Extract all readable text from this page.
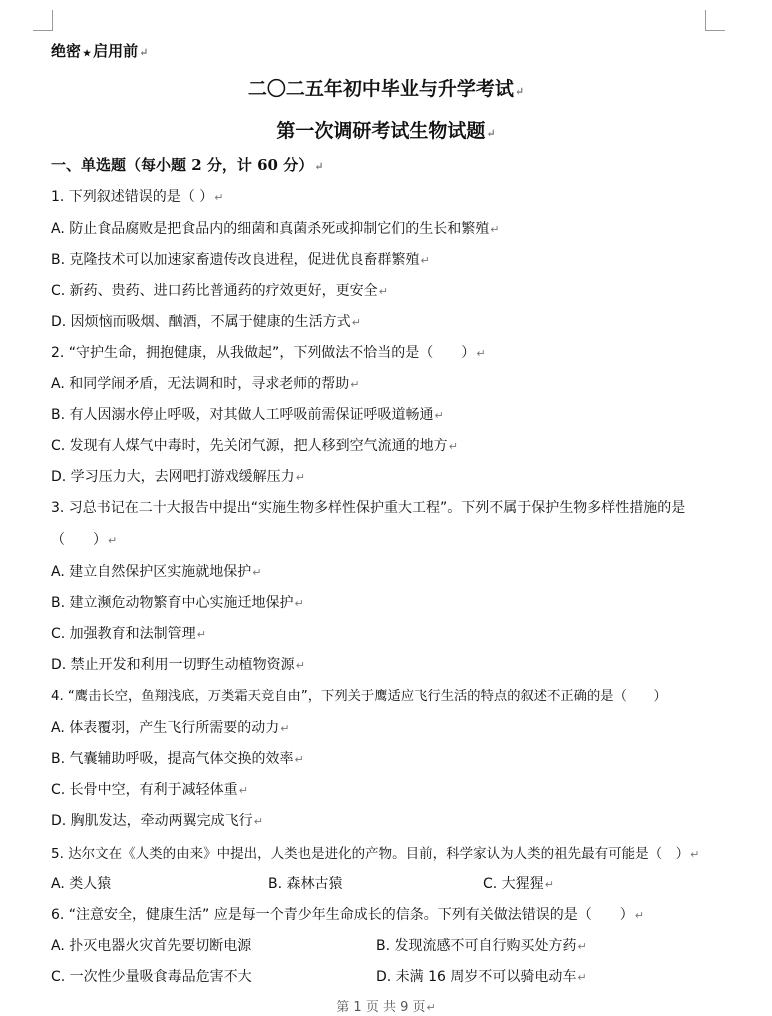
绝密 ★ 启用前↵
二〇二五年初中毕业与升学考试↵
第一次调研考试生物试题↵
一、单选题（每小题 2 分，计 60 分）↵
1. 下列叙述错误的是（ ）↵
A. 防止食品腐败是把食品内的细菌和真菌杀死或抑制它们的生长和繁殖↵
B. 克隆技术可以加速家畜遗传改良进程，促进优良畜群繁殖↵
C. 新药、贵药、进口药比普通药的疗效更好，更安全↵
D. 因烦恼而吸烟、酗酒，不属于健康的生活方式↵
2. “守护生命，拥抱健康，从我做起”，下列做法不恰当的是（　　）↵
A. 和同学闹矛盾，无法调和时，寻求老师的帮助↵
B. 有人因溺水停止呼吸，对其做人工呼吸前需保证呼吸道畅通↵
C. 发现有人煤气中毒时，先关闭气源，把人移到空气流通的地方↵
D. 学习压力大，去网吧打游戏缓解压力↵
3. 习总书记在二十大报告中提出“实施生物多样性保护重大工程”。下列不属于保护生物多样性措施的是
（　　）↵
A. 建立自然保护区实施就地保护↵
B. 建立濒危动物繁育中心实施迁地保护↵
C. 加强教育和法制管理↵
D. 禁止开发和利用一切野生动植物资源↵
4. “鹰击长空，鱼翔浅底，万类霜天竞自由”，下列关于鹰适应飞行生活的特点的叙述不正确的是（　　）
A. 体表覆羽，产生飞行所需要的动力↵
B. 气囊辅助呼吸，提高气体交换的效率↵
C. 长骨中空，有利于减轻体重↵
D. 胸肌发达，牵动两翼完成飞行↵
5. 达尔文在《人类的由来》中提出，人类也是进化的产物。目前，科学家认为人类的祖先最有可能是（　）↵
A. 类人猿	B. 森林古猿	C. 大猩猩↵
6. “注意安全，健康生活” 应是每一个青少年生命成长的信条。下列有关做法错误的是（　　）↵
A. 扑灭电器火灾首先要切断电源	B. 发现流感不可自行购买处方药↵
C. 一次性少量吸食毒品危害不大	D. 未满 16 周岁不可以骑电动车↵
第 1 页 共 9 页↵
